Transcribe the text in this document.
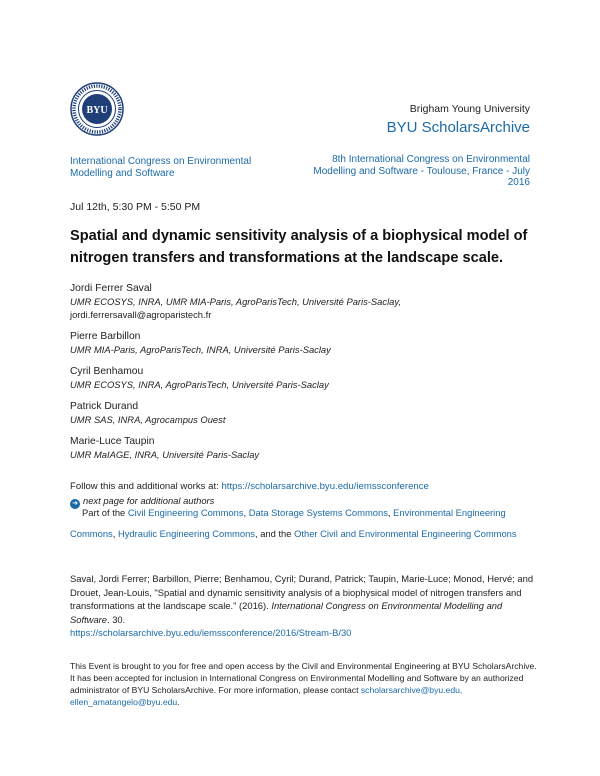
BYU	Brigham Young University
BYU ScholarsArchive
International Congress on Environmental Modelling and Software
8th International Congress on Environmental Modelling and Software - Toulouse, France - July 2016
Jul 12th, 5:30 PM - 5:50 PM
Spatial and dynamic sensitivity analysis of a biophysical model of nitrogen transfers and transformations at the landscape scale.
Jordi Ferrer Saval
UMR ECOSYS, INRA, UMR MIA-Paris, AgroParisTech, Université Paris-Saclay,
jordi.ferrersavall@agroparistech.fr
Pierre Barbillon
UMR MIA-Paris, AgroParisTech, INRA, Université Paris-Saclay
Cyril Benhamou
UMR ECOSYS, INRA, AgroParisTech, Université Paris-Saclay
Patrick Durand
UMR SAS, INRA, Agrocampus Ouest
Marie-Luce Taupin
UMR MaIAGE, INRA, Université Paris-Saclay
Follow this and additional works at: https://scholarsarchive.byu.edu/iemssconference
➜ next page for additional authors
Part of the Civil Engineering Commons, Data Storage Systems Commons, Environmental Engineering Commons, Hydraulic Engineering Commons, and the Other Civil and Environmental Engineering Commons
Saval, Jordi Ferrer; Barbillon, Pierre; Benhamou, Cyril; Durand, Patrick; Taupin, Marie-Luce; Monod, Hervé; and Drouet, Jean-Louis, "Spatial and dynamic sensitivity analysis of a biophysical model of nitrogen transfers and transformations at the landscape scale." (2016). International Congress on Environmental Modelling and Software. 30.
https://scholarsarchive.byu.edu/iemssconference/2016/Stream-B/30
This Event is brought to you for free and open access by the Civil and Environmental Engineering at BYU ScholarsArchive. It has been accepted for inclusion in International Congress on Environmental Modelling and Software by an authorized administrator of BYU ScholarsArchive. For more information, please contact scholarsarchive@byu.edu, ellen_amatangelo@byu.edu.
